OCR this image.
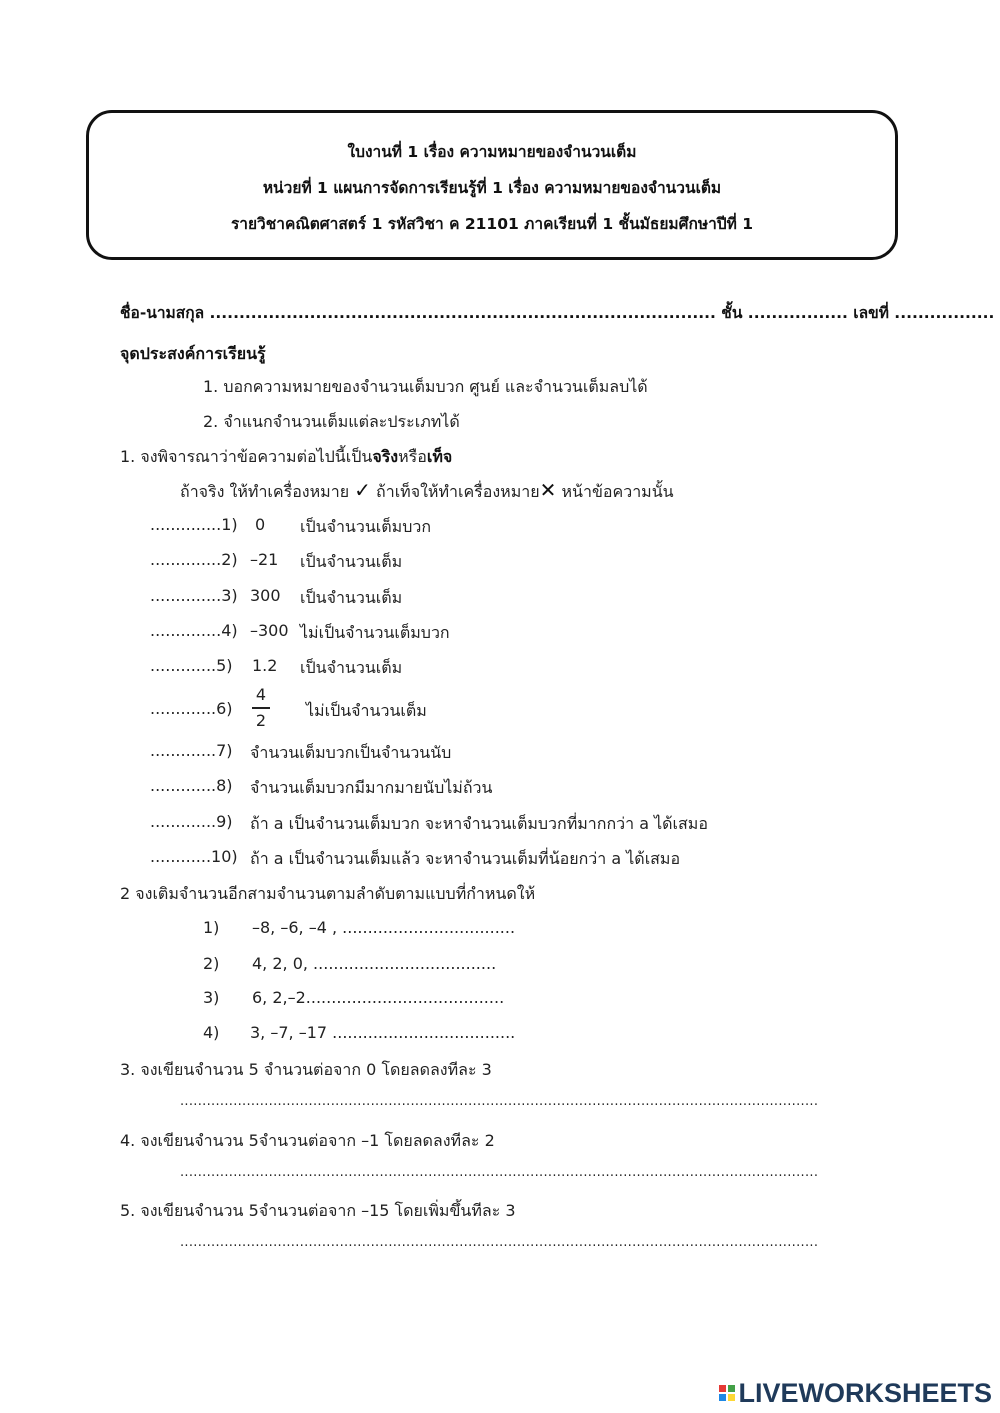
ใบงานที่ 1 เรื่อง ความหมายของจำนวนเต็ม
หน่วยที่ 1 แผนการจัดการเรียนรู้ที่ 1 เรื่อง ความหมายของจำนวนเต็ม
รายวิชาคณิตศาสตร์ 1 รหัสวิชา ค 21101 ภาคเรียนที่ 1 ชั้นมัธยมศึกษาปีที่ 1
ชื่อ-นามสกุล ...................................................................................... ชั้น ................. เลขที่ .................
จุดประสงค์การเรียนรู้
1. บอกความหมายของจำนวนเต็มบวก ศูนย์ และจำนวนเต็มลบได้
2. จำแนกจำนวนเต็มแต่ละประเภทได้
1. จงพิจารณาว่าข้อความต่อไปนี้เป็นจริงหรือเท็จ
ถ้าจริง ให้ทำเครื่องหมาย ✓ ถ้าเท็จให้ทำเครื่องหมาย✕ หน้าข้อความนั้น
..............1) 0 เป็นจำนวนเต็มบวก
..............2) –21 เป็นจำนวนเต็ม
..............3) 300 เป็นจำนวนเต็ม
..............4) –300 ไม่เป็นจำนวนเต็มบวก
.............5) 1.2 เป็นจำนวนเต็ม
.............6)
4
2 ไม่เป็นจำนวนเต็ม
.............7) จำนวนเต็มบวกเป็นจำนวนนับ
.............8) จำนวนเต็มบวกมีมากมายนับไม่ถ้วน
.............9) ถ้า a เป็นจำนวนเต็มบวก จะหาจำนวนเต็มบวกที่มากกว่า a ได้เสมอ
............10) ถ้า a เป็นจำนวนเต็มแล้ว จะหาจำนวนเต็มที่น้อยกว่า a ได้เสมอ
2 จงเติมจำนวนอีกสามจำนวนตามลำดับตามแบบที่กำหนดให้
1) –8, –6, –4 , ..................................
2) 4, 2, 0, ....................................
3) 6, 2,–2.......................................
4) 3, –7, –17 ....................................
3. จงเขียนจำนวน 5 จำนวนต่อจาก 0 โดยลดลงทีละ 3
................................................................................................................................................
4. จงเขียนจำนวน 5จำนวนต่อจาก –1 โดยลดลงทีละ 2
................................................................................................................................................
5. จงเขียนจำนวน 5จำนวนต่อจาก –15 โดยเพิ่มขึ้นทีละ 3
................................................................................................................................................
LIVEWORKSHEETS
